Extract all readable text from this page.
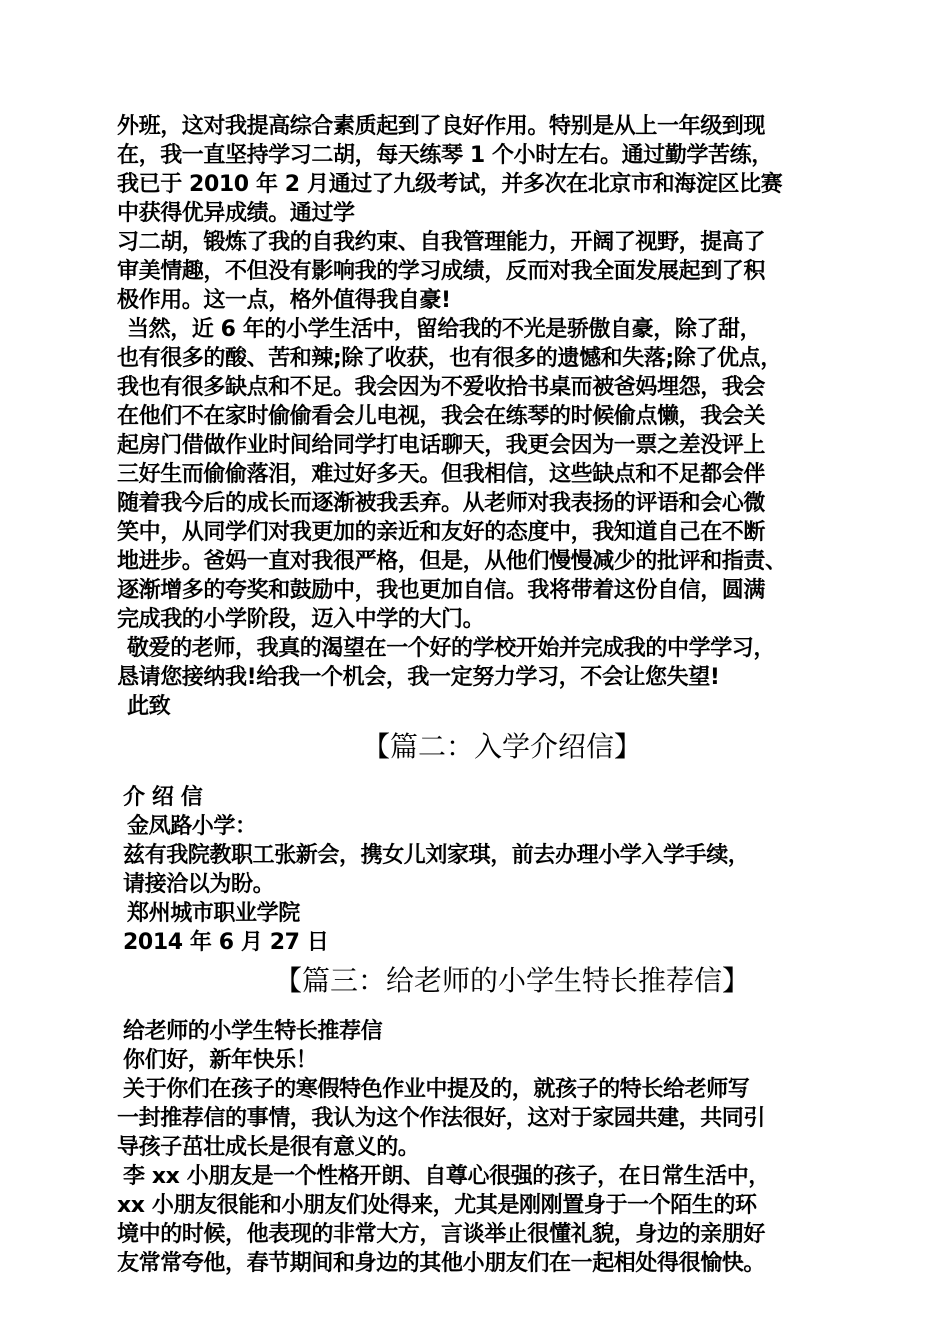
外班，这对我提高综合素质起到了良好作用。特别是从上一年级到现
在，我一直坚持学习二胡，每天练琴 1 个小时左右。通过勤学苦练，
我已于 2010 年 2 月通过了九级考试，并多次在北京市和海淀区比赛
中获得优异成绩。通过学
习二胡，锻炼了我的自我约束、自我管理能力，开阔了视野，提高了
审美情趣，不但没有影响我的学习成绩，反而对我全面发展起到了积
极作用。这一点，格外值得我自豪!
当然，近 6 年的小学生活中，留给我的不光是骄傲自豪，除了甜，
也有很多的酸、苦和辣;除了收获，也有很多的遗憾和失落;除了优点，
我也有很多缺点和不足。我会因为不爱收拾书桌而被爸妈埋怨，我会
在他们不在家时偷偷看会儿电视，我会在练琴的时候偷点懒，我会关
起房门借做作业时间给同学打电话聊天，我更会因为一票之差没评上
三好生而偷偷落泪，难过好多天。但我相信，这些缺点和不足都会伴
随着我今后的成长而逐渐被我丢弃。从老师对我表扬的评语和会心微
笑中，从同学们对我更加的亲近和友好的态度中，我知道自己在不断
地进步。爸妈一直对我很严格，但是，从他们慢慢减少的批评和指责、
逐渐增多的夸奖和鼓励中，我也更加自信。我将带着这份自信，圆满
完成我的小学阶段，迈入中学的大门。
敬爱的老师，我真的渴望在一个好的学校开始并完成我的中学学习，
恳请您接纳我!给我一个机会，我一定努力学习，不会让您失望!
此致
【篇二：入学介绍信】
介 绍 信
金凤路小学：
兹有我院教职工张新会，携女儿刘家琪，前去办理小学入学手续，
请接洽以为盼。
郑州城市职业学院
2014 年 6 月 27 日
【篇三：给老师的小学生特长推荐信】
给老师的小学生特长推荐信
你们好，新年快乐！
关于你们在孩子的寒假特色作业中提及的，就孩子的特长给老师写
一封推荐信的事情，我认为这个作法很好，这对于家园共建，共同引
导孩子茁壮成长是很有意义的。
李 xx 小朋友是一个性格开朗、自尊心很强的孩子，在日常生活中，
xx 小朋友很能和小朋友们处得来，尤其是刚刚置身于一个陌生的环
境中的时候，他表现的非常大方，言谈举止很懂礼貌，身边的亲朋好
友常常夸他，春节期间和身边的其他小朋友们在一起相处得很愉快。
